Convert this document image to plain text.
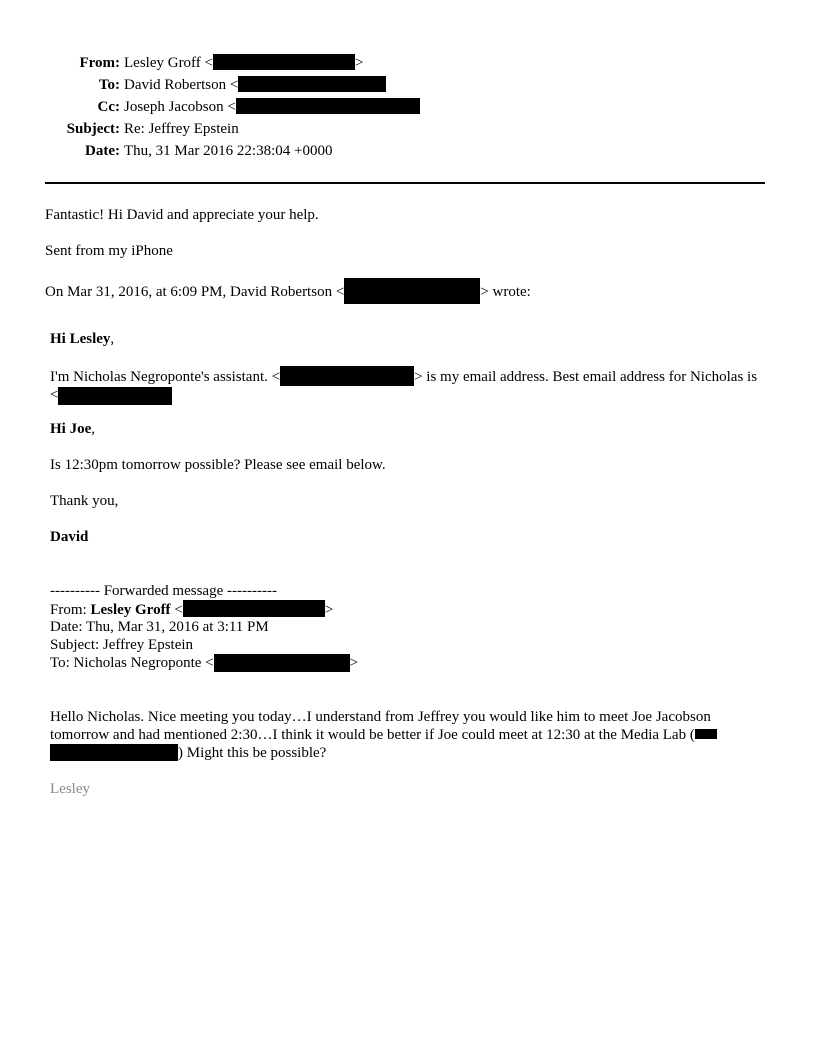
From: Lesley Groff <	>
To: David Robertson <
Cc: Joseph Jacobson <
Subject: Re: Jeffrey Epstein
Date: Thu, 31 Mar 2016 22:38:04 +0000
Fantastic! Hi David and appreciate your help.
Sent from my iPhone
On Mar 31, 2016, at 6:09 PM, David Robertson <	> wrote:
Hi Lesley,
I'm Nicholas Negroponte's assistant. <	> is my email address. Best email address for Nicholas is <
Hi Joe,
Is 12:30pm tomorrow possible? Please see email below.
Thank you,
David
---------- Forwarded message ----------
From: Lesley Groff <	>
Date: Thu, Mar 31, 2016 at 3:11 PM
Subject: Jeffrey Epstein
To: Nicholas Negroponte <	>
Hello Nicholas. Nice meeting you today…I understand from Jeffrey you would like him to meet Joe Jacobson
tomorrow and had mentioned 2:30…I think it would be better if Joe could meet at 12:30 at the Media Lab (
) Might this be possible?
Lesley
